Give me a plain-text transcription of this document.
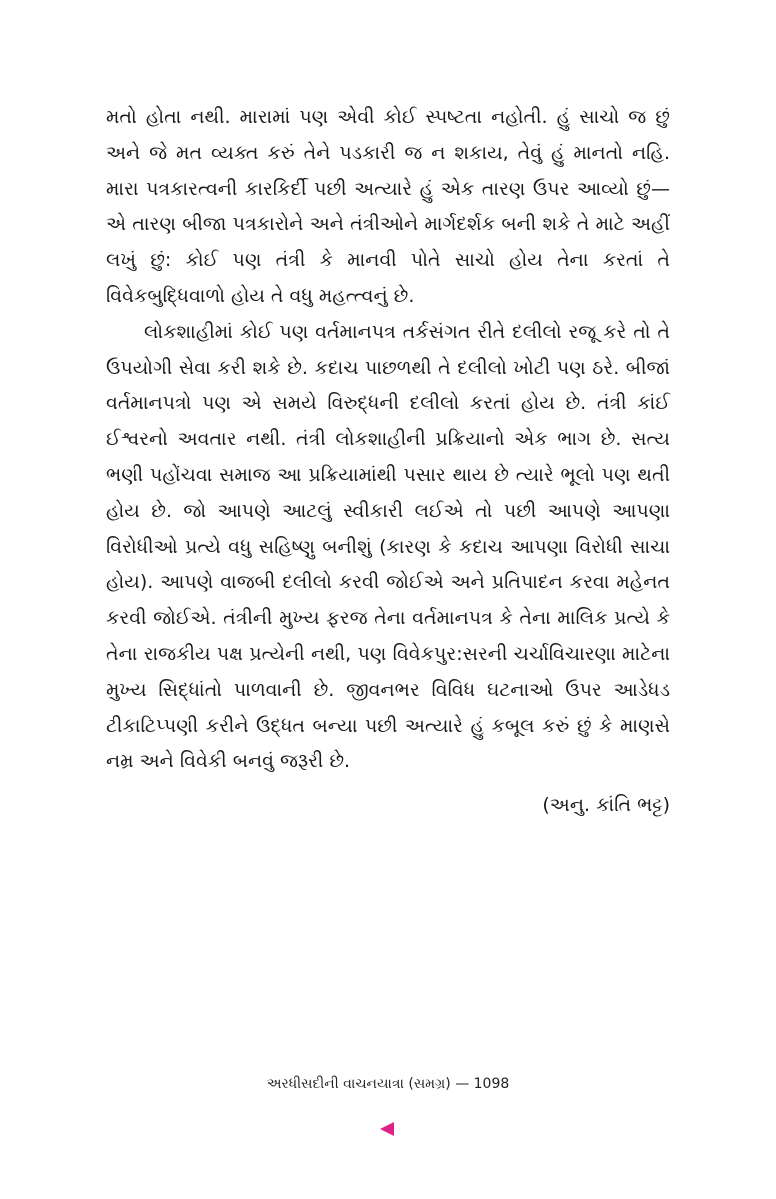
મતો હોતા નથી. મારામાં પણ એવી કોઈ સ્પષ્ટતા નહોતી. હું સાચો જ છું અને જે મત વ્યક્ત કરું તેને પડકારી જ ન શકાય, તેવું હું માનતો નહિ. મારા પત્રકારત્વની કારકિર્દી પછી અત્યારે હું એક તારણ ઉપર આવ્યો છું—એ તારણ બીજા પત્રકારોને અને તંત્રીઓને માર્ગદર્શક બની શકે તે માટે અહીં લખું છું: કોઈ પણ તંત્રી કે માનવી પોતે સાચો હોય તેના કરતાં તે વિવેકબુદ્ધિવાળો હોય તે વધુ મહત્ત્વનું છે.

લોકશાહીમાં કોઈ પણ વર્તમાનપત્ર તર્કસંગત રીતે દલીલો રજૂ કરે તો તે ઉપયોગી સેવા કરી શકે છે. કદાચ પાછળથી તે દલીલો ખોટી પણ ઠરે. બીજાં વર્તમાનપત્રો પણ એ સમયે વિરુદ્ધની દલીલો કરતાં હોય છે. તંત્રી કાંઈ ઈશ્વરનો અવતાર નથી. તંત્રી લોકશાહીની પ્રક્રિયાનો એક ભાગ છે. સત્ય ભણી પહોંચવા સમાજ આ પ્રક્રિયામાંથી પસાર થાય છે ત્યારે ભૂલો પણ થતી હોય છે. જો આપણે આટલું સ્વીકારી લઈએ તો પછી આપણે આપણા વિરોધીઓ પ્રત્યે વધુ સહિષ્ણુ બનીશું (કારણ કે કદાચ આપણા વિરોધી સાચા હોય). આપણે વાજબી દલીલો કરવી જોઈએ અને પ્રતિપાદન કરવા મહેનત કરવી જોઈએ. તંત્રીની મુખ્ય ફરજ તેના વર્તમાનપત્ર કે તેના માલિક પ્રત્યે કે તેના રાજકીય પક્ષ પ્રત્યેની નથી, પણ વિવેકપુર:સરની ચર્ચાવિચારણા માટેના મુખ્ય સિદ્ધાંતો પાળવાની છે. જીવનભર વિવિધ ઘટનાઓ ઉપર આડેધડ ટીકાટિપ્પણી કરીને ઉદ્ધત બન્યા પછી અત્યારે હું કબૂલ કરું છું કે માણસે નમ્ર અને વિવેકી બનવું જરૂરી છે.

(અનુ. કાંતિ ભટ્ટ)

અરધીસદીની વાચનયાત્રા (સમગ્ર) — 1098
